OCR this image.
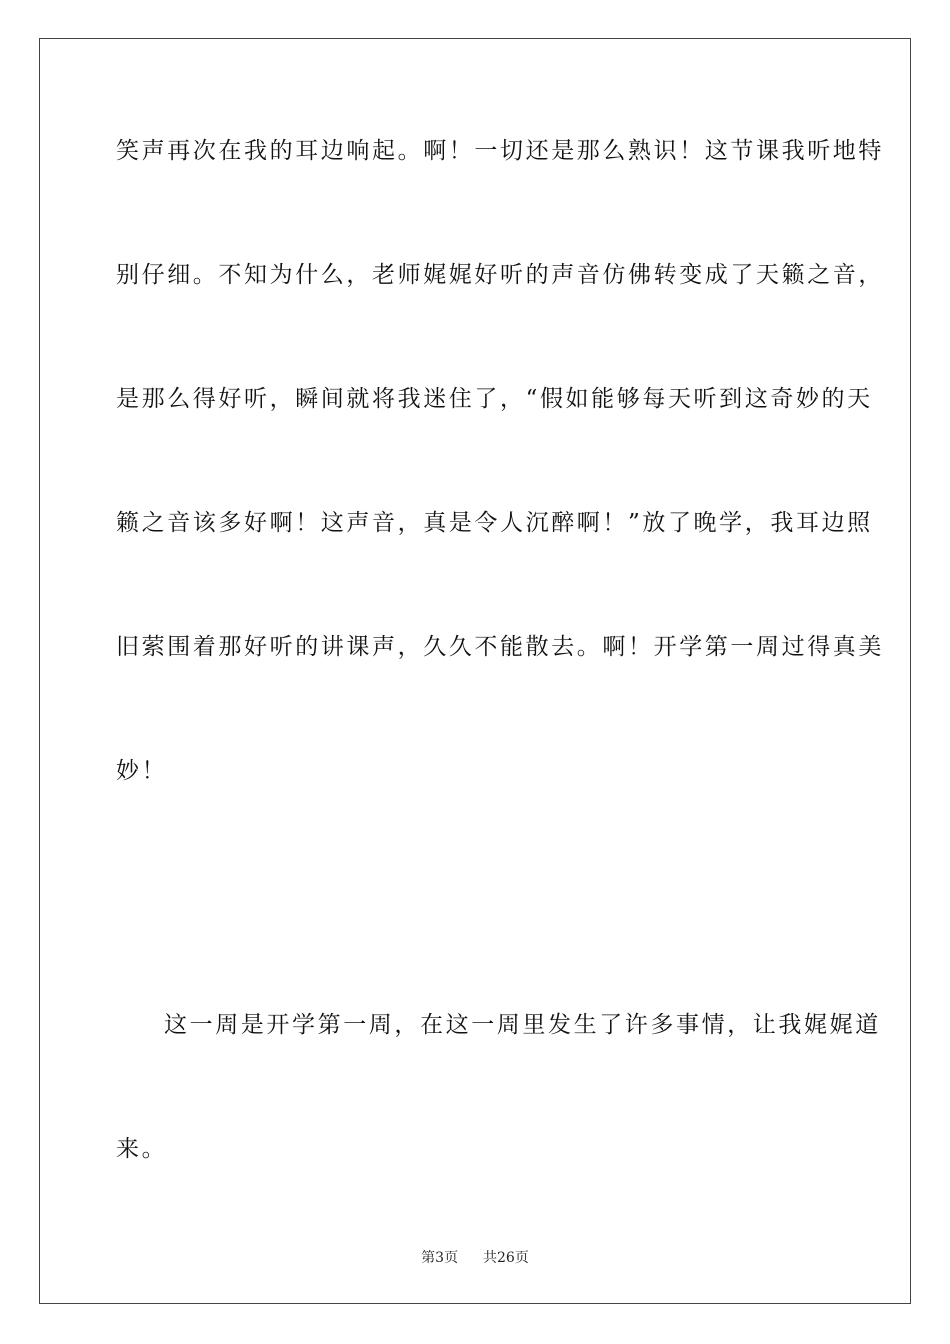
笑声再次在我的耳边响起。啊！一切还是那么熟识！这节课我听地特
别仔细。不知为什么，老师娓娓好听的声音仿佛转变成了天籁之音，
是那么得好听，瞬间就将我迷住了，“假如能够每天听到这奇妙的天
籁之音该多好啊！这声音，真是令人沉醉啊！”放了晚学，我耳边照
旧萦围着那好听的讲课声，久久不能散去。啊！开学第一周过得真美
妙！
这一周是开学第一周，在这一周里发生了许多事情，让我娓娓道
来。
第3页 共26页
